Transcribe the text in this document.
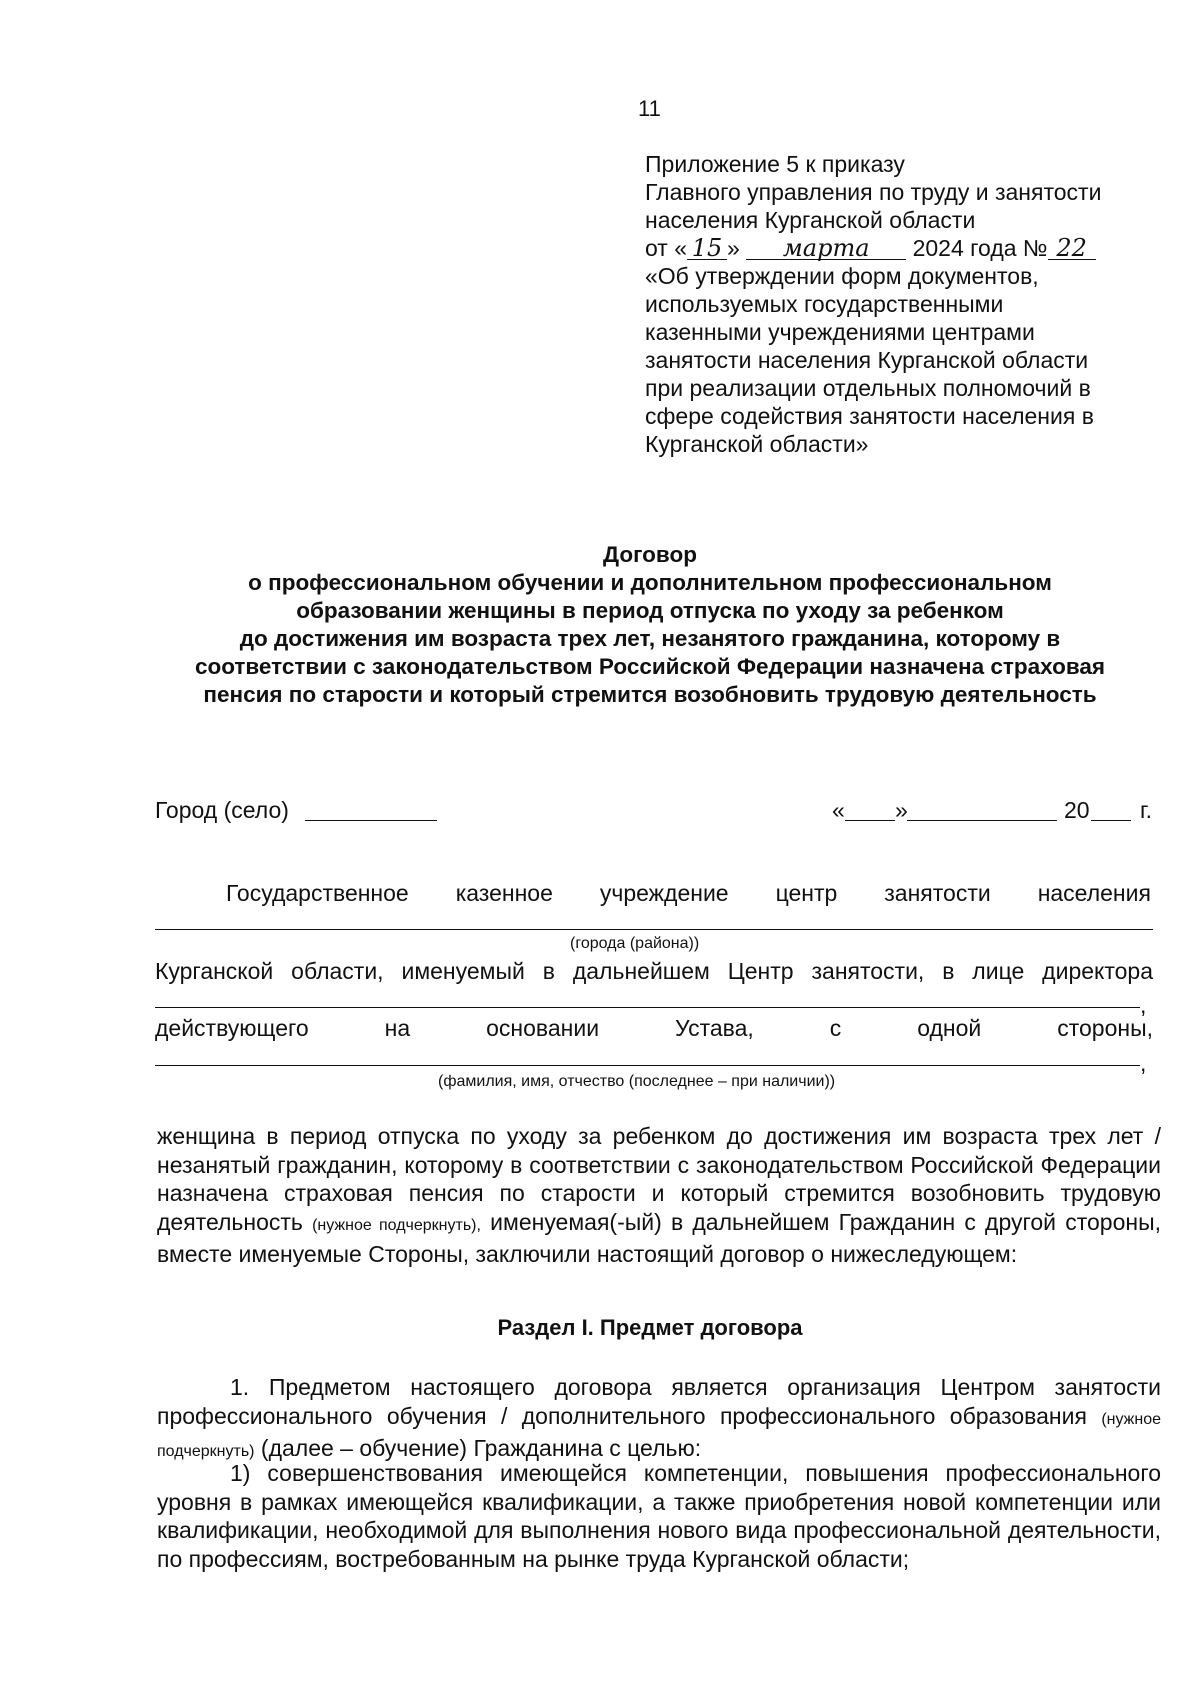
11
Приложение 5 к приказу
Главного управления по труду и занятости
населения Курганской области
от « 15 » марта 2024 года № 22
«Об утверждении форм документов,
используемых государственными
казенными учреждениями центрами
занятости населения Курганской области
при реализации отдельных полномочий в
сфере содействия занятости населения в
Курганской области»
Договор
о профессиональном обучении и дополнительном профессиональном
образовании женщины в период отпуска по уходу за ребенком
до достижения им возраста трех лет, незанятого гражданина, которому в
соответствии с законодательством Российской Федерации назначена страховая
пенсия по старости и который стремится возобновить трудовую деятельность
Город (село)	« »	20 г.
Государственное казенное учреждение центр занятости населения
(города (района))
Курганской области, именуемый в дальнейшем Центр занятости, в лице директора
,
действующего	на	основании	Устава,	с	одной	стороны,
,
(фамилия, имя, отчество (последнее – при наличии))
женщина в период отпуска по уходу за ребенком до достижения им возраста трех лет / незанятый гражданин, которому в соответствии с законодательством Российской Федерации назначена страховая пенсия по старости и который стремится возобновить трудовую деятельность (нужное подчеркнуть), именуемая(-ый) в дальнейшем Гражданин с другой стороны, вместе именуемые Стороны, заключили настоящий договор о нижеследующем:
Раздел I. Предмет договора
1. Предметом настоящего договора является организация Центром занятости профессионального обучения / дополнительного профессионального образования (нужное подчеркнуть) (далее – обучение) Гражданина с целью:
1) совершенствования имеющейся компетенции, повышения профессионального уровня в рамках имеющейся квалификации, а также приобретения новой компетенции или квалификации, необходимой для выполнения нового вида профессиональной деятельности, по профессиям, востребованным на рынке труда Курганской области;
